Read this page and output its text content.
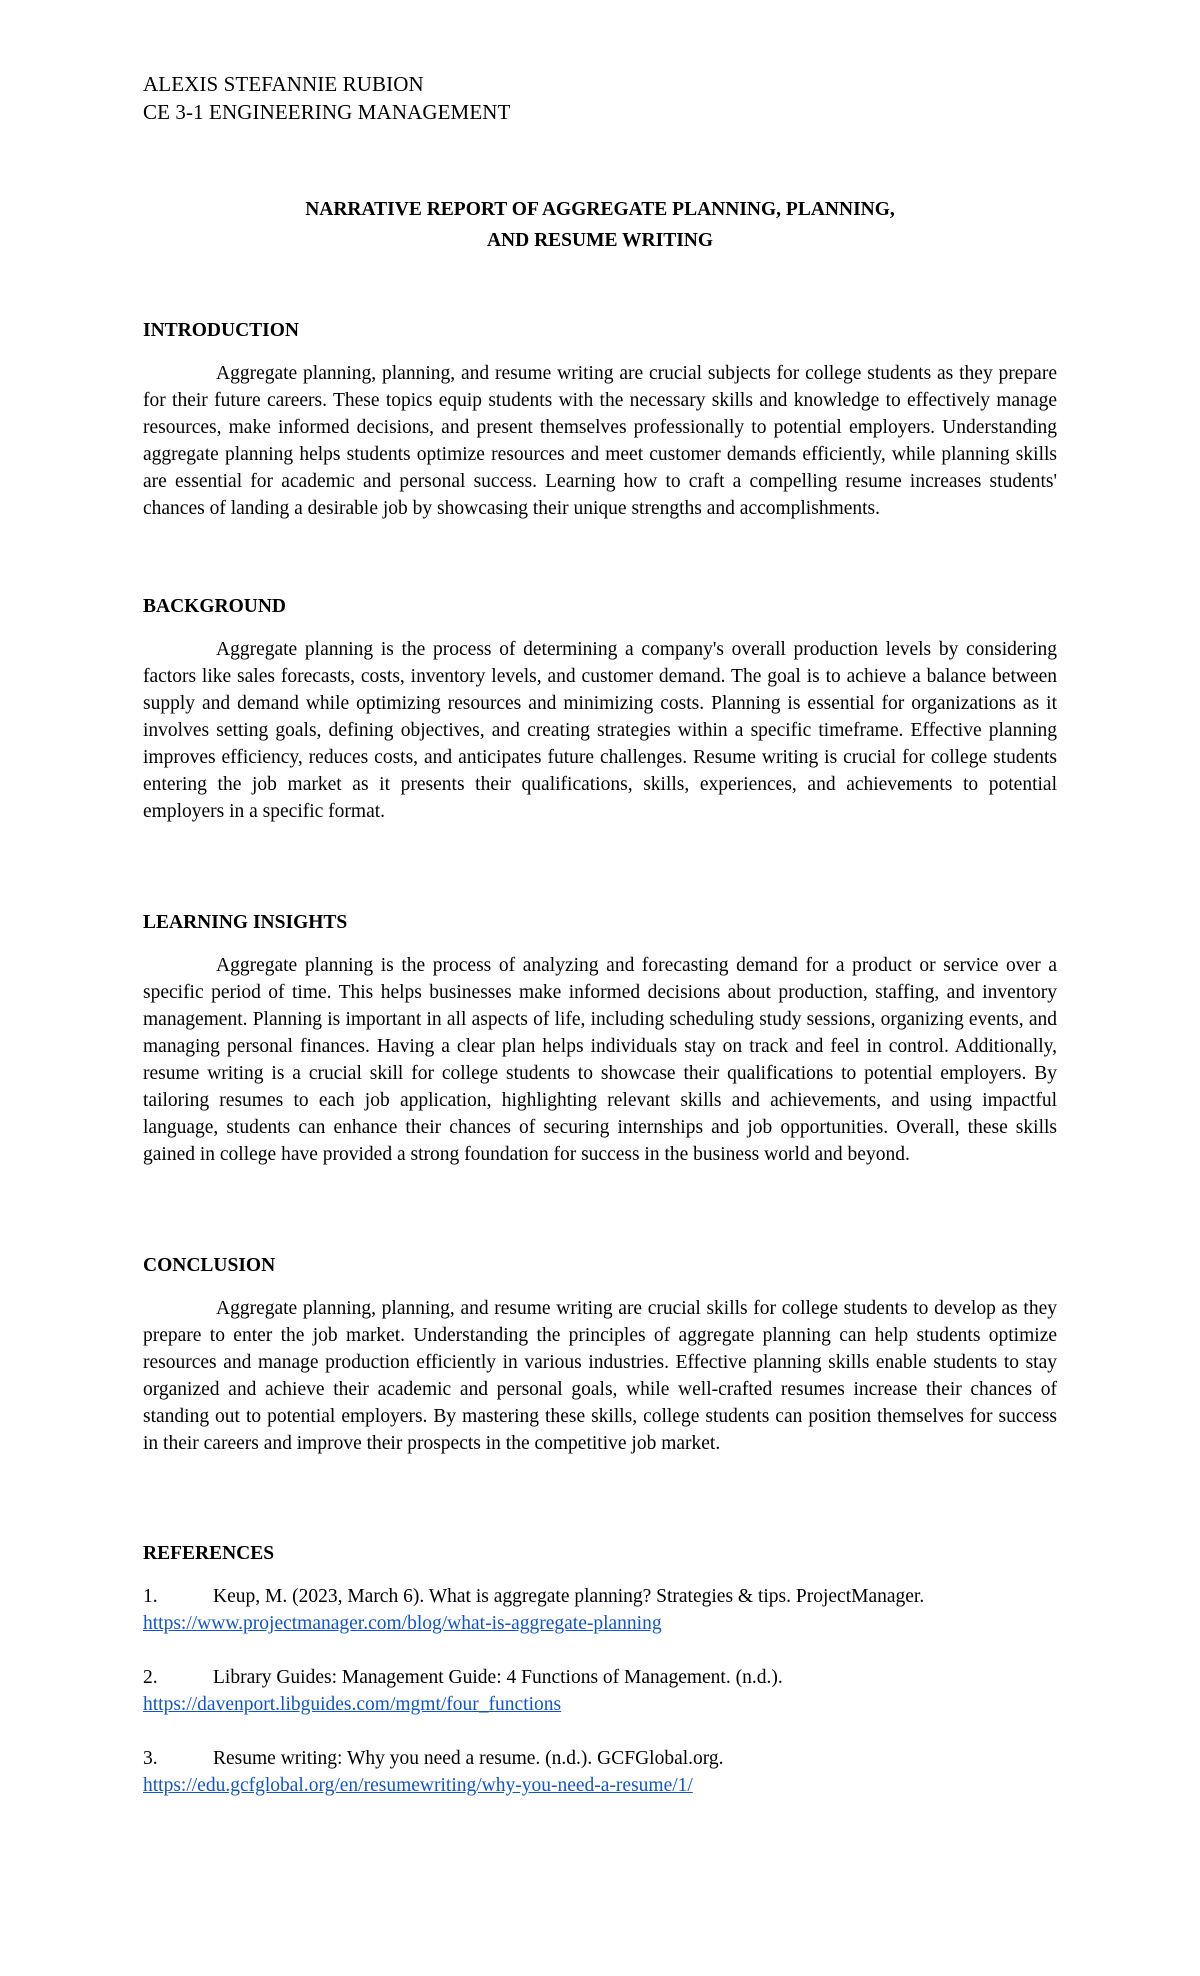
ALEXIS STEFANNIE RUBION
CE 3-1 ENGINEERING MANAGEMENT
NARRATIVE REPORT OF AGGREGATE PLANNING, PLANNING,
AND RESUME WRITING
INTRODUCTION

Aggregate planning, planning, and resume writing are crucial subjects for college students as they prepare for their future careers. These topics equip students with the necessary skills and knowledge to effectively manage resources, make informed decisions, and present themselves professionally to potential employers. Understanding aggregate planning helps students optimize resources and meet customer demands efficiently, while planning skills are essential for academic and personal success. Learning how to craft a compelling resume increases students' chances of landing a desirable job by showcasing their unique strengths and accomplishments.

BACKGROUND

Aggregate planning is the process of determining a company's overall production levels by considering factors like sales forecasts, costs, inventory levels, and customer demand. The goal is to achieve a balance between supply and demand while optimizing resources and minimizing costs. Planning is essential for organizations as it involves setting goals, defining objectives, and creating strategies within a specific timeframe. Effective planning improves efficiency, reduces costs, and anticipates future challenges. Resume writing is crucial for college students entering the job market as it presents their qualifications, skills, experiences, and achievements to potential employers in a specific format.

LEARNING INSIGHTS

Aggregate planning is the process of analyzing and forecasting demand for a product or service over a specific period of time. This helps businesses make informed decisions about production, staffing, and inventory management. Planning is important in all aspects of life, including scheduling study sessions, organizing events, and managing personal finances. Having a clear plan helps individuals stay on track and feel in control. Additionally, resume writing is a crucial skill for college students to showcase their qualifications to potential employers. By tailoring resumes to each job application, highlighting relevant skills and achievements, and using impactful language, students can enhance their chances of securing internships and job opportunities. Overall, these skills gained in college have provided a strong foundation for success in the business world and beyond.

CONCLUSION

Aggregate planning, planning, and resume writing are crucial skills for college students to develop as they prepare to enter the job market. Understanding the principles of aggregate planning can help students optimize resources and manage production efficiently in various industries. Effective planning skills enable students to stay organized and achieve their academic and personal goals, while well-crafted resumes increase their chances of standing out to potential employers. By mastering these skills, college students can position themselves for success in their careers and improve their prospects in the competitive job market.

REFERENCES
1.	Keup, M. (2023, March 6). What is aggregate planning? Strategies & tips. ProjectManager.
https://www.projectmanager.com/blog/what-is-aggregate-planning
2.	Library Guides: Management Guide: 4 Functions of Management. (n.d.).
https://davenport.libguides.com/mgmt/four_functions
3.	Resume writing: Why you need a resume. (n.d.). GCFGlobal.org.
https://edu.gcfglobal.org/en/resumewriting/why-you-need-a-resume/1/
